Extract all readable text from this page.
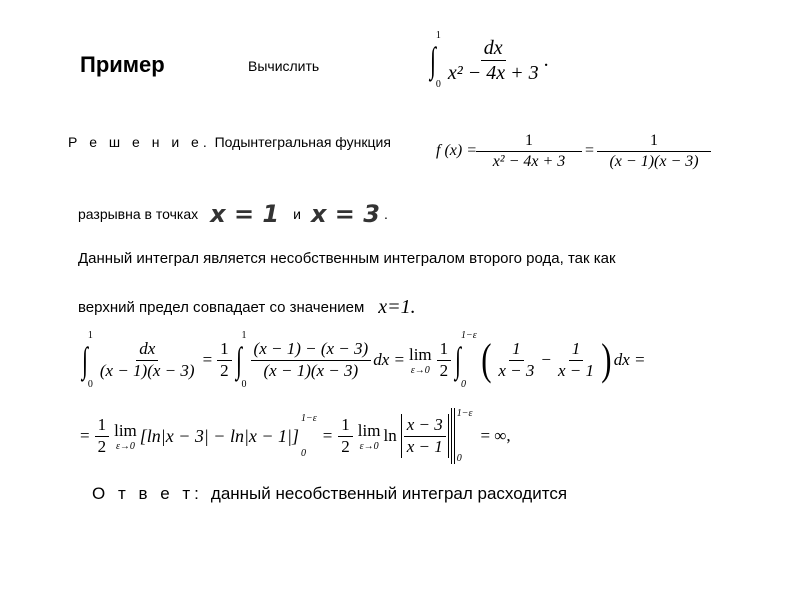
Пример	Вычислить	∫
1
0
$\frac{dx}{\text{x² − 4x + 3}}$ .
Р е ш е н и е. Подынтегральная функция
f $(x) = \frac{1}{\text{x² − 4x + 3}} = \frac{1}{(x - 1)(x - 3)}$
разрывна в точках x = 1 и x = 3 .
Данный интеграл является несобственным интегралом второго рода, так как
верхний предел совпадает со значением x=1.
∫
1
0
$\frac{dx}{(x - 1)(x - 3)} = \frac{1}{2}$ ∫
1
0
$\frac{(x - 1) - (x - 3)}{(x - 1)(x - 3)}$ dx = lim
$\varepsilon\to 0 \frac{1}{2}$ ∫
1−ε
0
( $\frac{1}{x - 3} - \frac{1}{x - 1}$ ) dx =
= $\frac{1}{2}$ lim
ε→0
[ln|x − 3| − ln|x − 1|]
1−ε
0
= $\frac{1}{2}$ lim
ε→0
$\ln \frac{x - 3}{x - 1}$
1−ε
0
= ∞,
О т в е т: данный несобственный интеграл расходится
